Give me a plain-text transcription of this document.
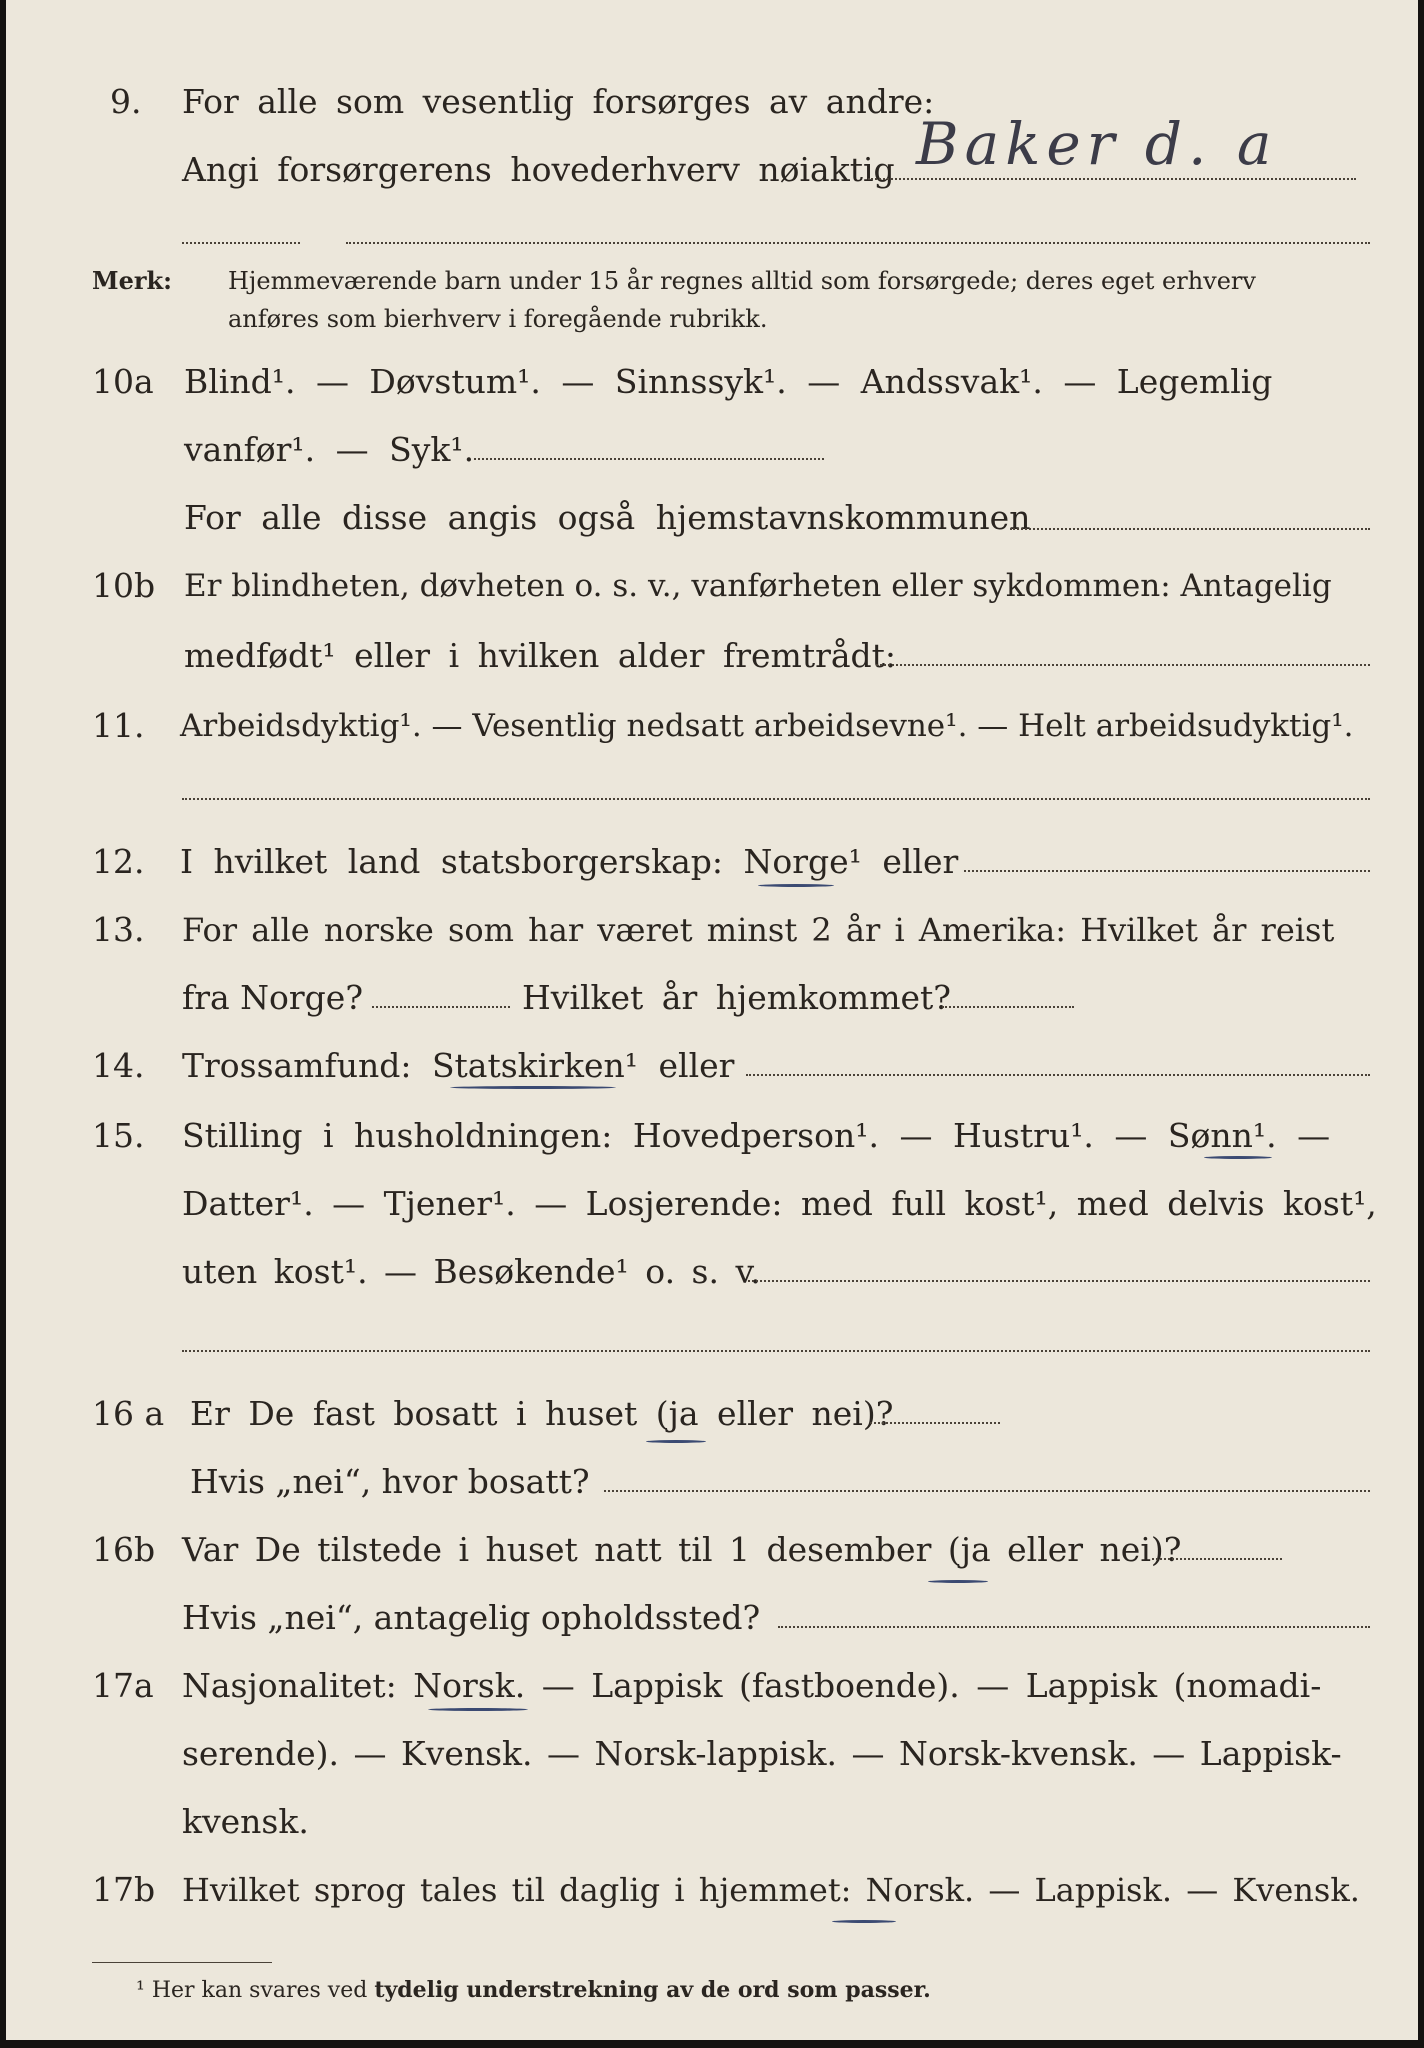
9. For alle som vesentlig forsørges av andre:
Angi forsørgerens hovederhverv nøiaktig Baker d. a
Merk: Hjemmeværende barn under 15 år regnes alltid som forsørgede; deres eget erhverv
anføres som bierhverv i foregående rubrikk.
10a Blind¹. — Døvstum¹. — Sinnssyk¹. — Andssvak¹. — Legemlig
vanfør¹. — Syk¹.
For alle disse angis også hjemstavnskommunen
10b Er blindheten, døvheten o. s. v., vanførheten eller sykdommen: Antagelig
medfødt¹ eller i hvilken alder fremtrådt:
11. Arbeidsdyktig¹. — Vesentlig nedsatt arbeidsevne¹. — Helt arbeidsudyktig¹.
12. I hvilket land statsborgerskap: Norge¹ eller
13. For alle norske som har været minst 2 år i Amerika: Hvilket år reist
fra Norge?	Hvilket år hjemkommet?
14. Trossamfund: Statskirken¹ eller
15. Stilling i husholdningen: Hovedperson¹. — Hustru¹. — Sønn¹. —
Datter¹. — Tjener¹. — Losjerende: med full kost¹, med delvis kost¹,
uten kost¹. — Besøkende¹ o. s. v.
16 a Er De fast bosatt i huset (ja eller nei)?
Hvis „nei“, hvor bosatt?
16b Var De tilstede i huset natt til 1 desember (ja eller nei)?
Hvis „nei“, antagelig opholdssted?
17a Nasjonalitet: Norsk. — Lappisk (fastboende). — Lappisk (nomadi-
serende). — Kvensk. — Norsk-lappisk. — Norsk-kvensk. — Lappisk-
kvensk.
17b Hvilket sprog tales til daglig i hjemmet: Norsk. — Lappisk. — Kvensk.
¹ Her kan svares ved tydelig understrekning av de ord som passer.
